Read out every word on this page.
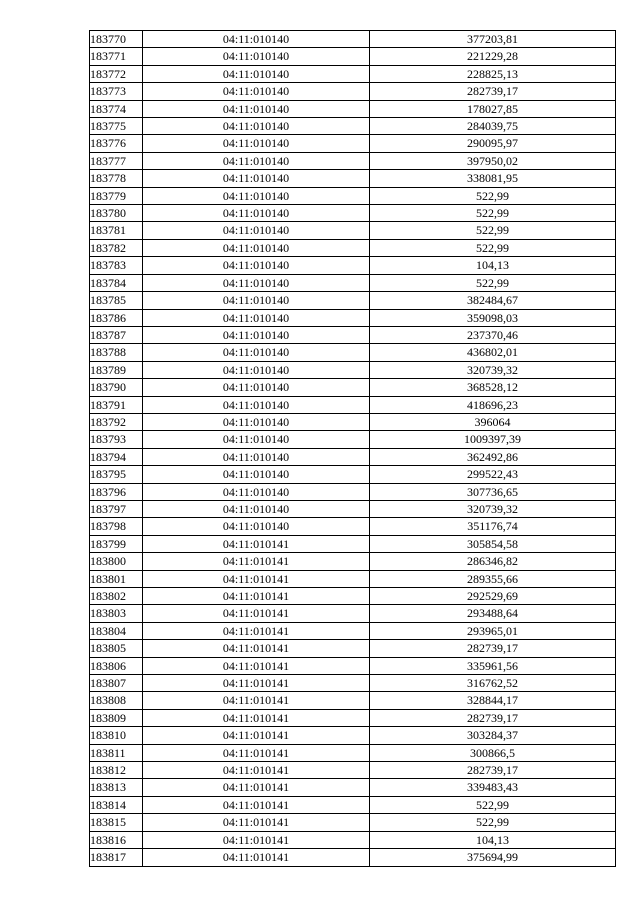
183770	04:11:010140	377203,81
183771	04:11:010140	221229,28
183772	04:11:010140	228825,13
183773	04:11:010140	282739,17
183774	04:11:010140	178027,85
183775	04:11:010140	284039,75
183776	04:11:010140	290095,97
183777	04:11:010140	397950,02
183778	04:11:010140	338081,95
183779	04:11:010140	522,99
183780	04:11:010140	522,99
183781	04:11:010140	522,99
183782	04:11:010140	522,99
183783	04:11:010140	104,13
183784	04:11:010140	522,99
183785	04:11:010140	382484,67
183786	04:11:010140	359098,03
183787	04:11:010140	237370,46
183788	04:11:010140	436802,01
183789	04:11:010140	320739,32
183790	04:11:010140	368528,12
183791	04:11:010140	418696,23
183792	04:11:010140	396064
183793	04:11:010140	1009397,39
183794	04:11:010140	362492,86
183795	04:11:010140	299522,43
183796	04:11:010140	307736,65
183797	04:11:010140	320739,32
183798	04:11:010140	351176,74
183799	04:11:010141	305854,58
183800	04:11:010141	286346,82
183801	04:11:010141	289355,66
183802	04:11:010141	292529,69
183803	04:11:010141	293488,64
183804	04:11:010141	293965,01
183805	04:11:010141	282739,17
183806	04:11:010141	335961,56
183807	04:11:010141	316762,52
183808	04:11:010141	328844,17
183809	04:11:010141	282739,17
183810	04:11:010141	303284,37
183811	04:11:010141	300866,5
183812	04:11:010141	282739,17
183813	04:11:010141	339483,43
183814	04:11:010141	522,99
183815	04:11:010141	522,99
183816	04:11:010141	104,13
183817	04:11:010141	375694,99
